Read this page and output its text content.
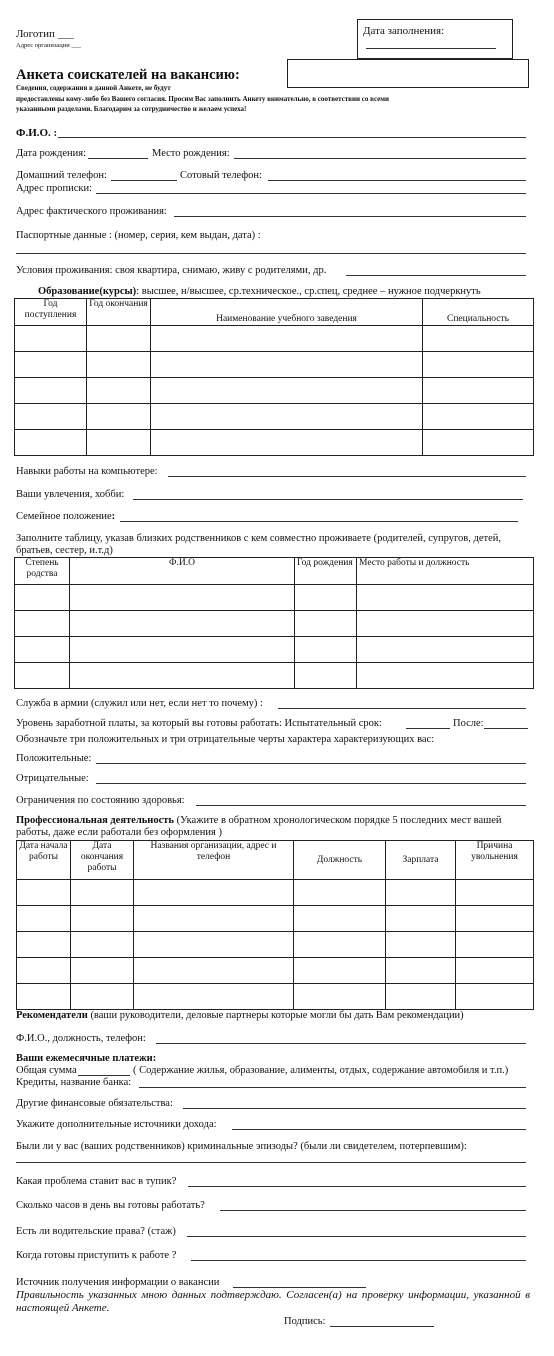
Логотип ___
Адрес организации ___
Дата заполнения:
Анкета соискателей на вакансию:
Сведения, содержания в данной Анкете, не будут
предоставлены кому-либо без Вашего согласия. Просим Вас заполнить Анкету внимательно, в соответствии со всеми
указанными разделами. Благодарим за сотрудничество и желаем успеха!
Ф.И.О. :
Дата рождения:	Место рождения:
Домашний телефон:	Сотовый телефон:
Адрес прописки:
Адрес фактического проживания:
Паспортные данные : (номер, серия, кем выдан, дата) :
Условия проживания: своя квартира, снимаю, живу с родителями, др.
Образование(курсы): высшее, н/высшее, ср.техническое., ср.спец, среднее – нужное подчеркнуть
Год поступления	Год окончания	Наименование учебного заведения	Специальность

Навыки работы на компьютере:
Ваши увлечения, хобби:
Семейное положение:
Заполните таблицу, указав близких родственников с кем совместно проживаете (родителей, супругов, детей, братьев, сестер, и.т.д)
Степень родства	Ф.И.О	Год рождения	Место работы и должность

Служба в армии (служил или нет, если нет то почему) :
Уровень заработной платы, за который вы готовы работать: Испытательный срок:	После:
Обозначьте три положительных и три отрицательные черты характера характеризующих вас:
Положительные:
Отрицательные:
Ограничения по состоянию здоровья:
Профессиональная деятельность (Укажите в обратном хронологическом порядке 5 последних мест вашей работы, даже если работали без оформления )
Дата начала работы	Дата окончания работы	Названия организации, адрес и телефон	Должность	Зарплата	Причина увольнения

Рекомендатели (ваши руководители, деловые партнеры которые могли бы дать Вам рекомендации)
Ф.И.О., должность, телефон:
Ваши ежемесячные платежи:
Общая сумма	( Содержание жилья, образование, алименты, отдых, содержание автомобиля и т.п.)
Кредиты, название банка:
Другие финансовые обязательства:
Укажите дополнительные источники дохода:
Были ли у вас (ваших родственников) криминальные эпизоды? (были ли свидетелем, потерпевшим):
Какая проблема ставит вас в тупик?
Сколько часов в день вы готовы работать?
Есть ли водительские права? (стаж)
Когда готовы приступить к работе ?
Источник получения информации о вакансии
Правильность указанных мною данных подтверждаю. Согласен(а) на проверку информации, указанной в настоящей Анкете.
Подпись:
